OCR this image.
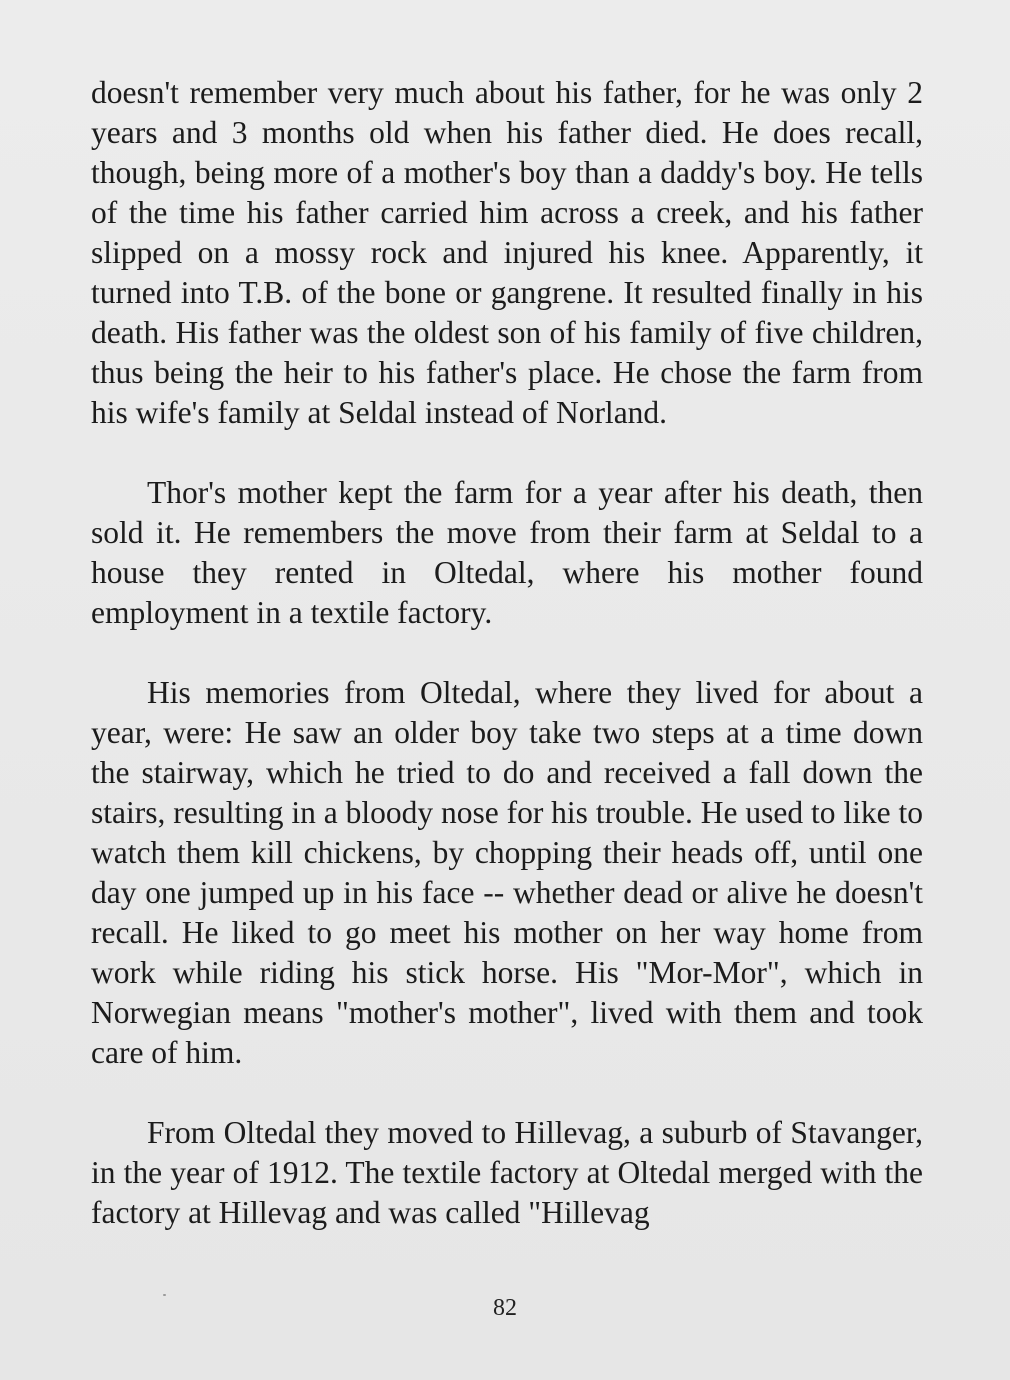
doesn't remember very much about his father, for he was only 2 years and 3 months old when his father died. He does recall, though, being more of a mother's boy than a daddy's boy. He tells of the time his father carried him across a creek, and his father slipped on a mossy rock and injured his knee. Apparently, it turned into T.B. of the bone or gangrene. It resulted finally in his death. His father was the oldest son of his family of five children, thus being the heir to his father's place. He chose the farm from his wife's family at Seldal instead of Norland.

Thor's mother kept the farm for a year after his death, then sold it. He remembers the move from their farm at Seldal to a house they rented in Oltedal, where his mother found employment in a textile factory.

His memories from Oltedal, where they lived for about a year, were: He saw an older boy take two steps at a time down the stairway, which he tried to do and received a fall down the stairs, resulting in a bloody nose for his trouble. He used to like to watch them kill chickens, by chopping their heads off, until one day one jumped up in his face -- whether dead or alive he doesn't recall. He liked to go meet his mother on her way home from work while riding his stick horse. His "Mor-Mor", which in Norwegian means "mother's mother", lived with them and took care of him.

From Oltedal they moved to Hillevag, a suburb of Stavanger, in the year of 1912. The textile factory at Oltedal merged with the factory at Hillevag and was called "Hillevag

82
